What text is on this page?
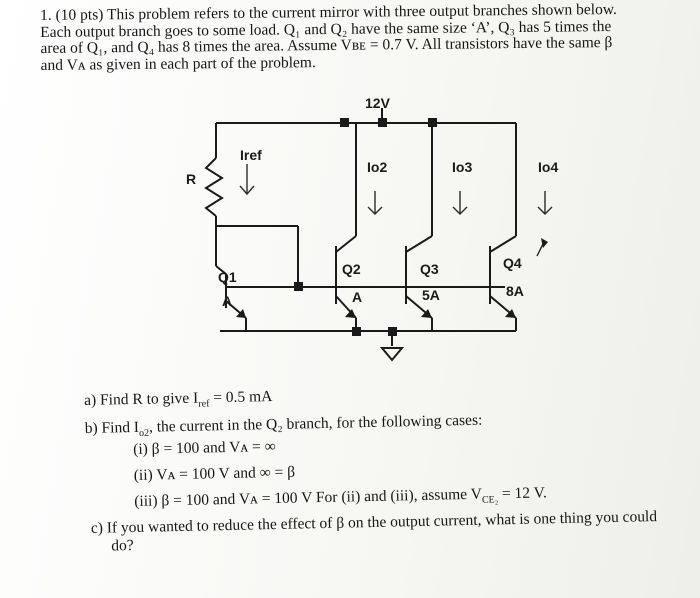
1. (10 pts) This problem refers to the current mirror with three output branches shown below.

Each output branch goes to some load. Q₁ and Q₂ have the same size ‘A’, Q₃ has 5 times the

area of Q₁, and Q₄ has 8 times the area. Assume Vʙᴇ = 0.7 V. All transistors have the same β

and Vᴀ as given in each part of the problem.

12V
R
Iref
Io2	Io3	Io4
Q1
A
Q2
A
Q3
5A
Q4
8A
a) Find R to give $I_{ref} = 0.5$ mA
b) Find $I_{o2}$, the current in the Q₂ branch, for the following cases:
(i) β = 100 and Vᴀ = ∞
(ii) Vᴀ = 100 V and ∞ = β
(iii) β = 100 and Vᴀ = 100 V For (ii) and (iii), assume $V_{CE_2} = 12$ V.
c) If you wanted to reduce the effect of β on the output current, what is one thing you could
do?
